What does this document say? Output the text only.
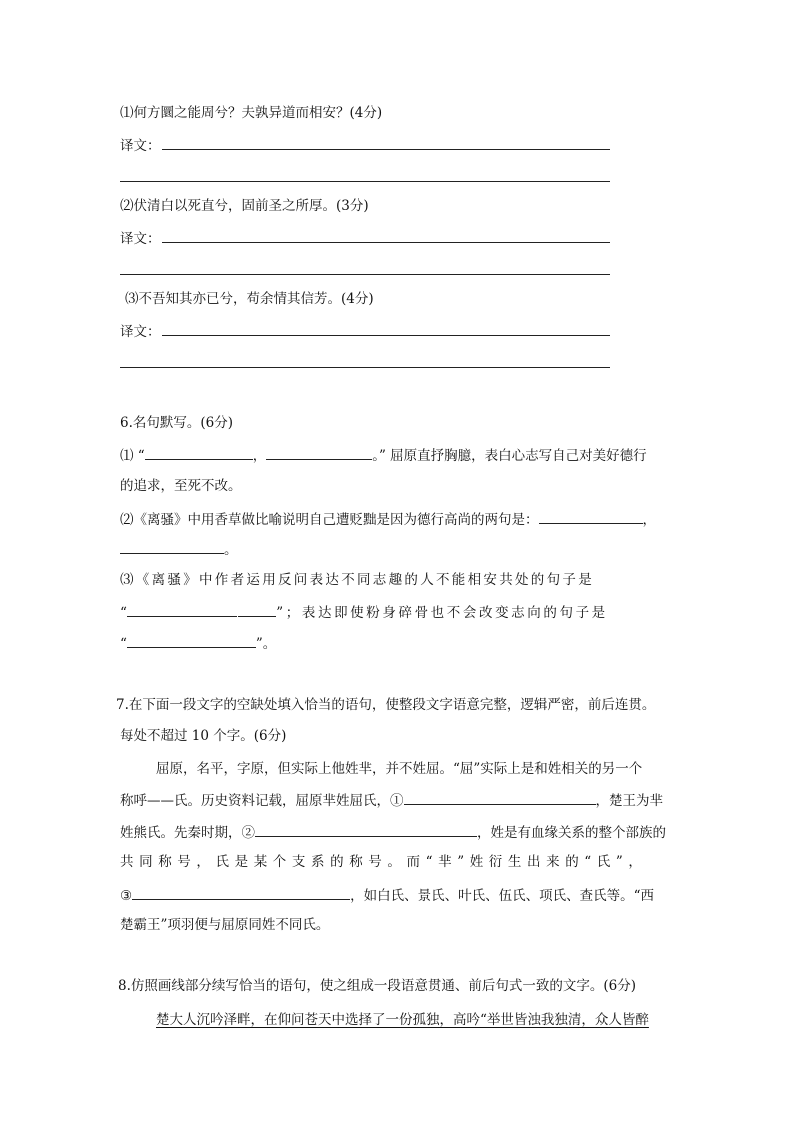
⑴何方圜之能周兮？夫孰异道而相安？(4分)
译文：
⑵伏清白以死直兮，固前圣之所厚。(3分)
译文：
⑶不吾知其亦已兮，苟余情其信芳。(4分)
译文：
6.名句默写。(6分)
⑴ “	，	。” 屈原直抒胸臆，表白心志写自己对美好德行
的追求，至死不改。
⑵《离骚》中用香草做比喻说明自己遭贬黜是因为德行高尚的两句是：	，
。
⑶《离骚》中作者运用反问表达不同志趣的人不能相安共处的句子是
“ 	”；表达即使粉身碎骨也不会改变志向的句子是
“	”。
7.在下面一段文字的空缺处填入恰当的语句，使整段文字语意完整，逻辑严密，前后连贯。
每处不超过 10 个字。(6分)
屈原，名平，字原，但实际上他姓芈，并不姓屈。“屈”实际上是和姓相关的另一个
称呼——氏。历史资料记载，屈原芈姓屈氏，①	，楚王为芈
姓熊氏。先秦时期，②	，姓是有血缘关系的整个部族的
共同称号，氏是某个支系的称号。而“芈”姓衍生出来的“氏”，
③	，如白氏、景氏、叶氏、伍氏、项氏、查氏等。“西
楚霸王”项羽便与屈原同姓不同氏。
8.仿照画线部分续写恰当的语句，使之组成一段语意贯通、前后句式一致的文字。(6分)
楚大人沉吟泽畔，在仰问苍天中选择了一份孤独，高吟“举世皆浊我独清，众人皆醉
